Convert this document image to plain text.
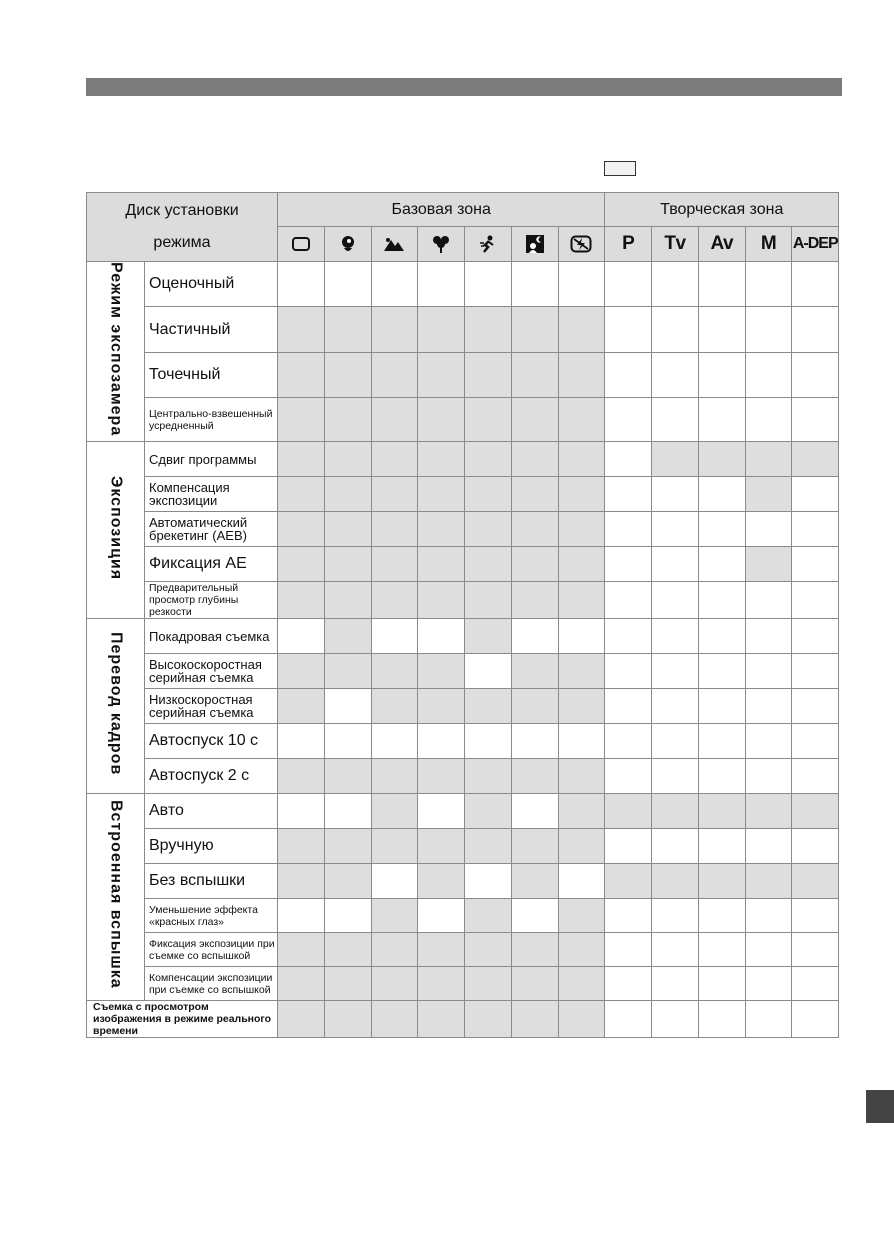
Диск установки
режима		Базовая зона							Творческая зона				
							P	Tv	Av	M	A-DEP
Режим экспозамера	Оценочный												

	Частичный												

	Точечный												

	Центрально-взвешенный усредненный												

Экспозиция	Сдвиг программы												

	Компенсация экспозиции												

	Автоматический брекетинг (AEB)												

	Фиксация AE												

	Предварительный просмотр глубины резкости												

Перевод кадров	Покадровая съемка												

	Высокоскоростная серийная съемка												

	Низкоскоростная серийная съемка												

	Автоспуск 10 с												

	Автоспуск 2 с												

Встроенная вспышка	Авто												

	Вручную												

	Без вспышки												

	Уменьшение эффекта «красных глаз»												

	Фиксация экспозиции при съемке со вспышкой												

	Компенсации экспозиции при съемке со вспышкой												

Съемка с просмотром изображения в режиме реального времени													
